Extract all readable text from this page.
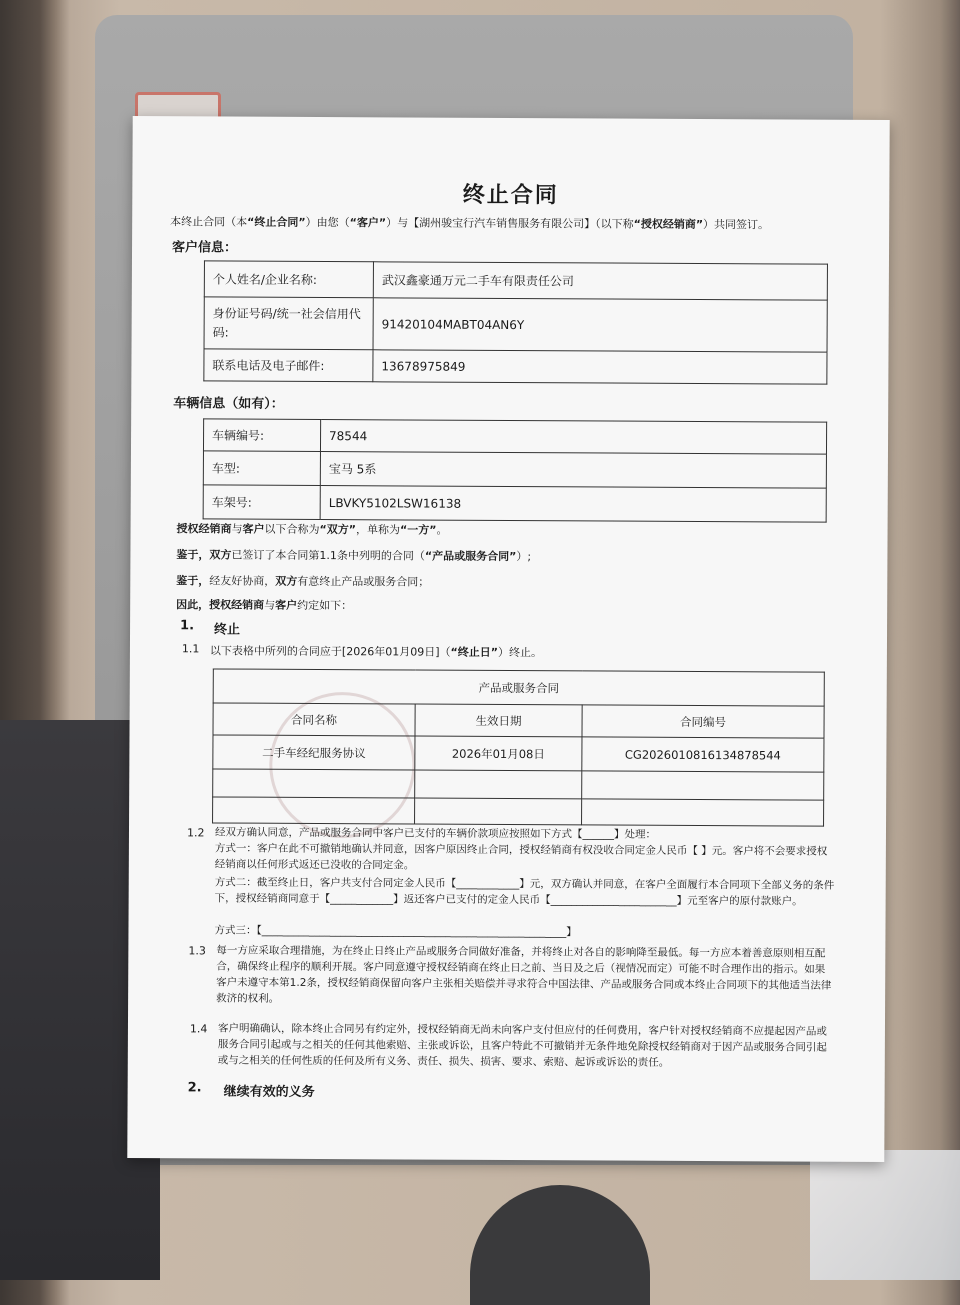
终止合同
本终止合同（本“终止合同”）由您（“客户”）与【湖州骏宝行汽车销售服务有限公司】（以下称“授权经销商”）共同签订。
客户信息：
个人姓名/企业名称:	武汉鑫豪通万元二手车有限责任公司
身份证号码/统一社会信用代码:	91420104MABT04AN6Y
联系电话及电子邮件:	13678975849
车辆信息（如有）：
车辆编号:	78544
车型:	宝马 5系
车架号:	LBVKY5102LSW16138
授权经销商与客户以下合称为“双方”，单称为“一方”。
鉴于，双方已签订了本合同第1.1条中列明的合同（“产品或服务合同”）;
鉴于，经友好协商，双方有意终止产品或服务合同；
因此，授权经销商与客户约定如下：
1. 终止
1.1 以下表格中所列的合同应于[2026年01月09日]（“终止日”）终止。
产品或服务合同		
合同名称	生效日期	合同编号
二手车经纪服务协议	2026年01月08日	CG202601081613487854​4

1.2 经双方确认同意，产品或服务合同中客户已支付的车辆价款项应按照如下方式【______】处理：
方式一：客户在此不可撤销地确认并同意，因客户原因终止合同，授权经销商有权没收合同定金人民币【 】元。客户将不会要求授权经销商以任何形式返还已没收的合同定金。
方式二：截至终止日，客户共支付合同定金人民币【____________】元，双方确认并同意，在客户全面履行本合同项下全部义务的条件下，授权经销商同意于【____________】返还客户已支付的定金人民币【________________________】元至客户的原付款账户。
方式三：【__________________________________________________________】
1.3 每一方应采取合理措施，为在终止日终止产品或服务合同做好准备，并将终止对各自的影响降至最低。每一方应本着善意原则相互配合，确保终止程序的顺利开展。客户同意遵守授权经销商在终止日之前、当日及之后（视情况而定）可能不时合理作出的指示。如果客户未遵守本第1.2条，授权经销商保留向客户主张相关赔偿并寻求符合中国法律、产品或服务合同或本终止合同项下的其他适当法律救济的权利。
1.4 客户明确确认，除本终止合同另有约定外，授权经销商无尚未向客户支付但应付的任何费用，客户针对授权经销商不应提起因产品或服务合同引起或与之相关的任何其他索赔、主张或诉讼，且客户特此不可撤销并无条件地免除授权经销商对于因产品或服务合同引起或与之相关的任何性质的任何及所有义务、责任、损失、损害、要求、索赔、起诉或诉讼的责任。
2. 继续有效的义务
